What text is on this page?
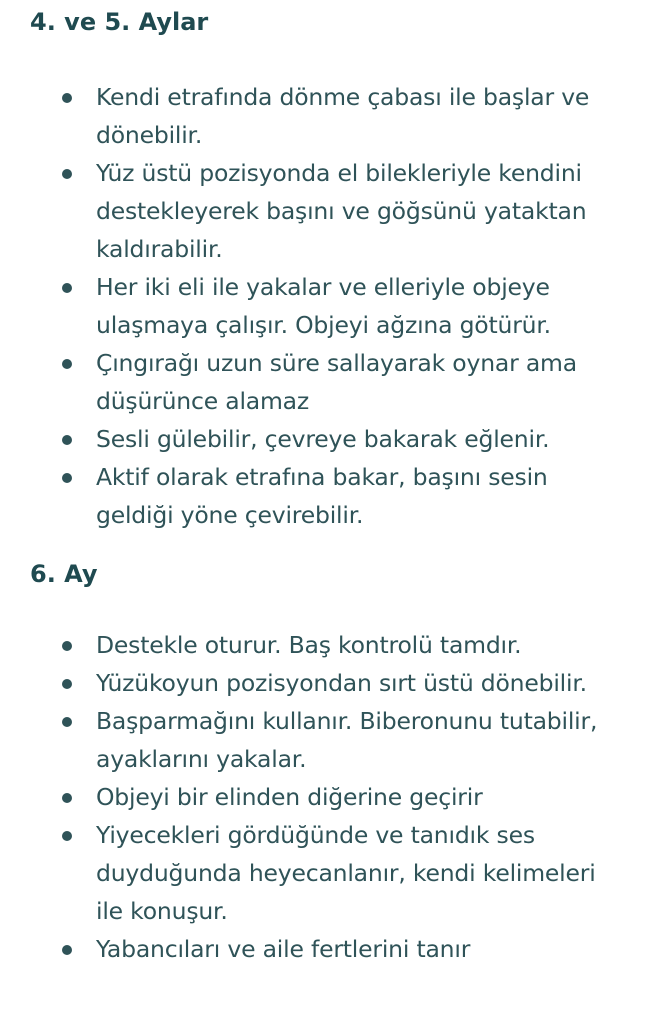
4. ve 5. Aylar
Kendi etrafında dönme çabası ile başlar ve dönebilir.
Yüz üstü pozisyonda el bilekleriyle kendini destekleyerek başını ve göğsünü yataktan kaldırabilir.
Her iki eli ile yakalar ve elleriyle objeye ulaşmaya çalışır. Objeyi ağzına götürür.
Çıngırağı uzun süre sallayarak oynar ama düşürünce alamaz
Sesli gülebilir, çevreye bakarak eğlenir.
Aktif olarak etrafına bakar, başını sesin geldiği yöne çevirebilir.
6. Ay
Destekle oturur. Baş kontrolü tamdır.
Yüzükoyun pozisyondan sırt üstü dönebilir.
Başparmağını kullanır. Biberonunu tutabilir, ayaklarını yakalar.
Objeyi bir elinden diğerine geçirir
Yiyecekleri gördüğünde ve tanıdık ses duyduğunda heyecanlanır, kendi kelimeleri ile konuşur.
Yabancıları ve aile fertlerini tanır
